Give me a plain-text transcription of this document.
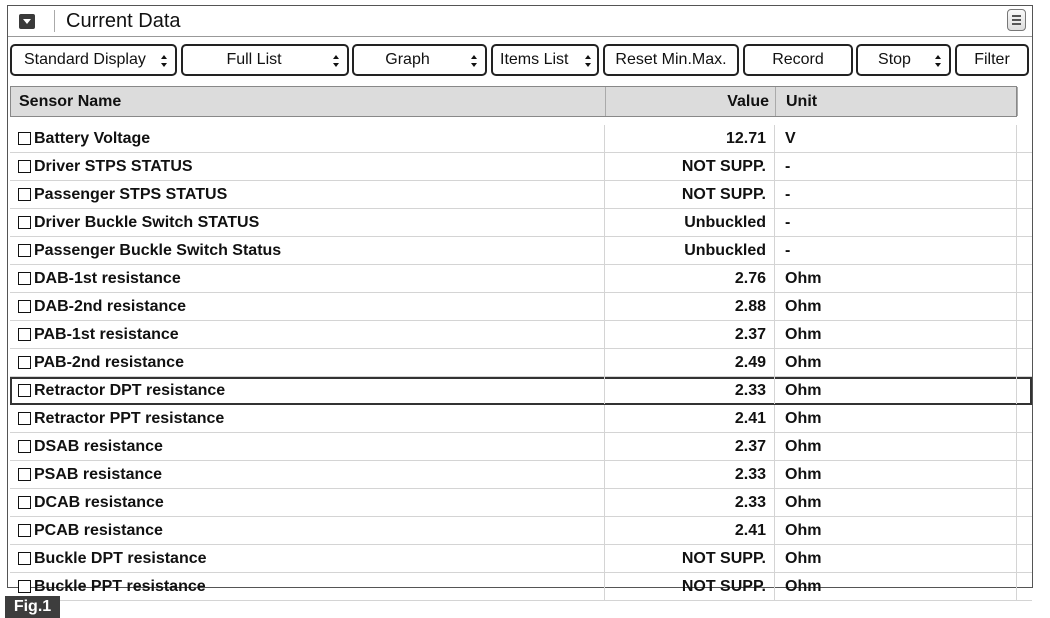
Current Data
Standard Display	Full List	Graph	Items List	Reset Min.Max.	Record	Stop	Filter
Sensor Name	Value	Unit
Battery Voltage	12.71	V
Driver STPS STATUS	NOT SUPP.	-
Passenger STPS STATUS	NOT SUPP.	-
Driver Buckle Switch STATUS	Unbuckled	-
Passenger Buckle Switch Status	Unbuckled	-
DAB-1st resistance	2.76	Ohm
DAB-2nd resistance	2.88	Ohm
PAB-1st resistance	2.37	Ohm
PAB-2nd resistance	2.49	Ohm
Retractor DPT resistance	2.33	Ohm
Retractor PPT resistance	2.41	Ohm
DSAB resistance	2.37	Ohm
PSAB resistance	2.33	Ohm
DCAB resistance	2.33	Ohm
PCAB resistance	2.41	Ohm
Buckle DPT resistance	NOT SUPP.	Ohm
Buckle PPT resistance	NOT SUPP.	Ohm
Fig.1
